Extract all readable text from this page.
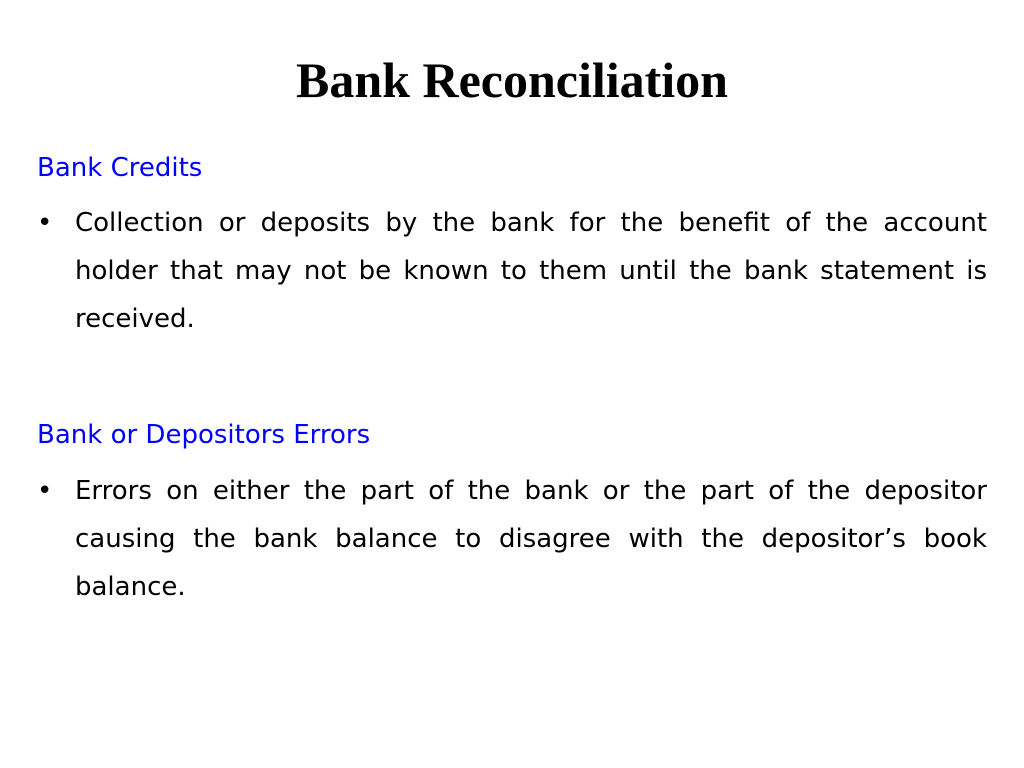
Bank Reconciliation
Bank Credits
• Collection or deposits by the bank for the benefit of the account holder that may not be known to them until the bank statement is received.
Bank or Depositors Errors
• Errors on either the part of the bank or the part of the depositor causing the bank balance to disagree with the depositor’s book balance.
